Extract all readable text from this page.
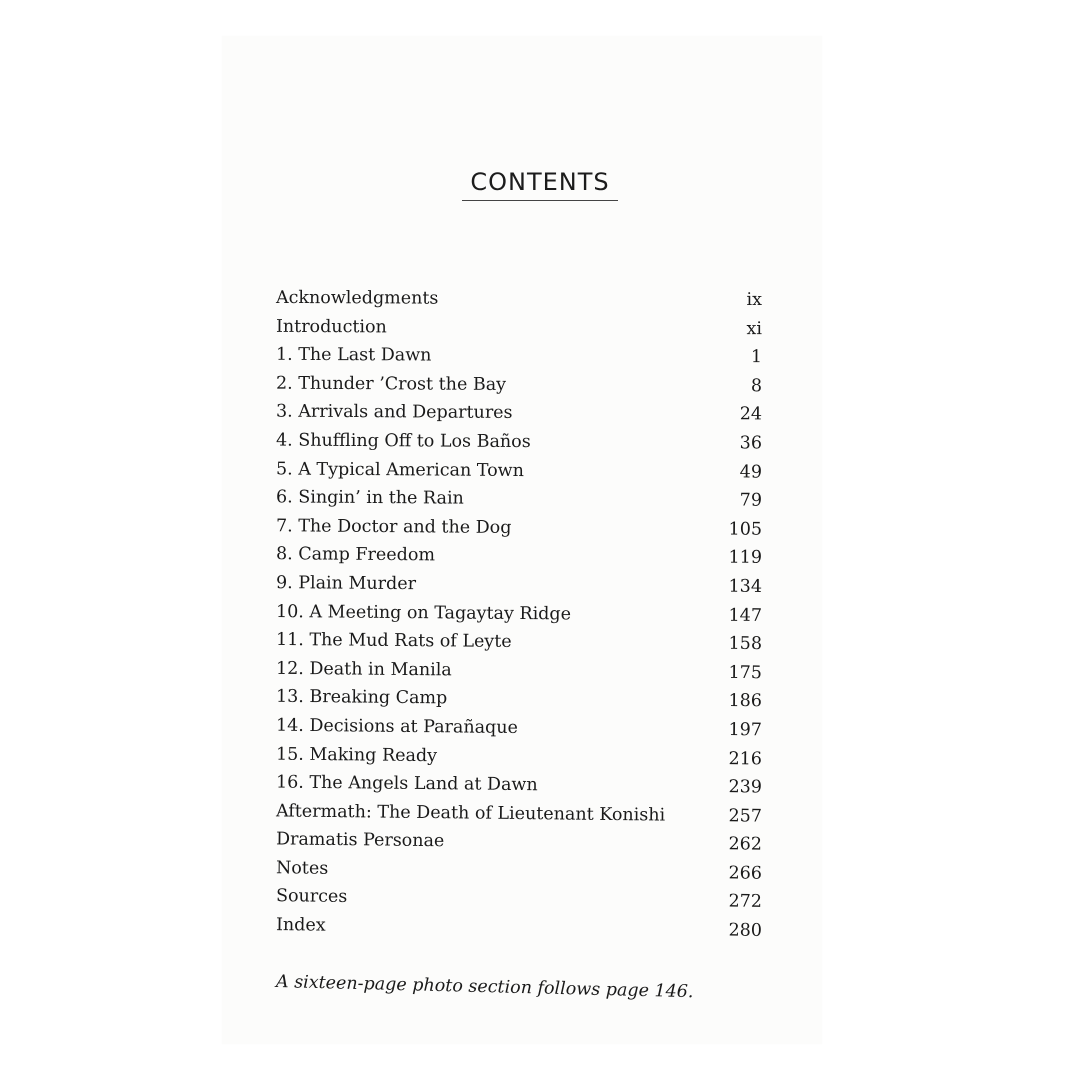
CONTENTS
Acknowledgments	ix
Introduction	xi
1. The Last Dawn	1
2. Thunder ’Crost the Bay	8
3. Arrivals and Departures	24
4. Shuffling Off to Los Baños	36
5. A Typical American Town	49
6. Singin’ in the Rain	79
7. The Doctor and the Dog	105
8. Camp Freedom	119
9. Plain Murder	134
10. A Meeting on Tagaytay Ridge	147
11. The Mud Rats of Leyte	158
12. Death in Manila	175
13. Breaking Camp	186
14. Decisions at Parañaque	197
15. Making Ready	216
16. The Angels Land at Dawn	239
Aftermath: The Death of Lieutenant Konishi	257
Dramatis Personae	262
Notes	266
Sources	272
Index	280
A sixteen-page photo section follows page 146.
